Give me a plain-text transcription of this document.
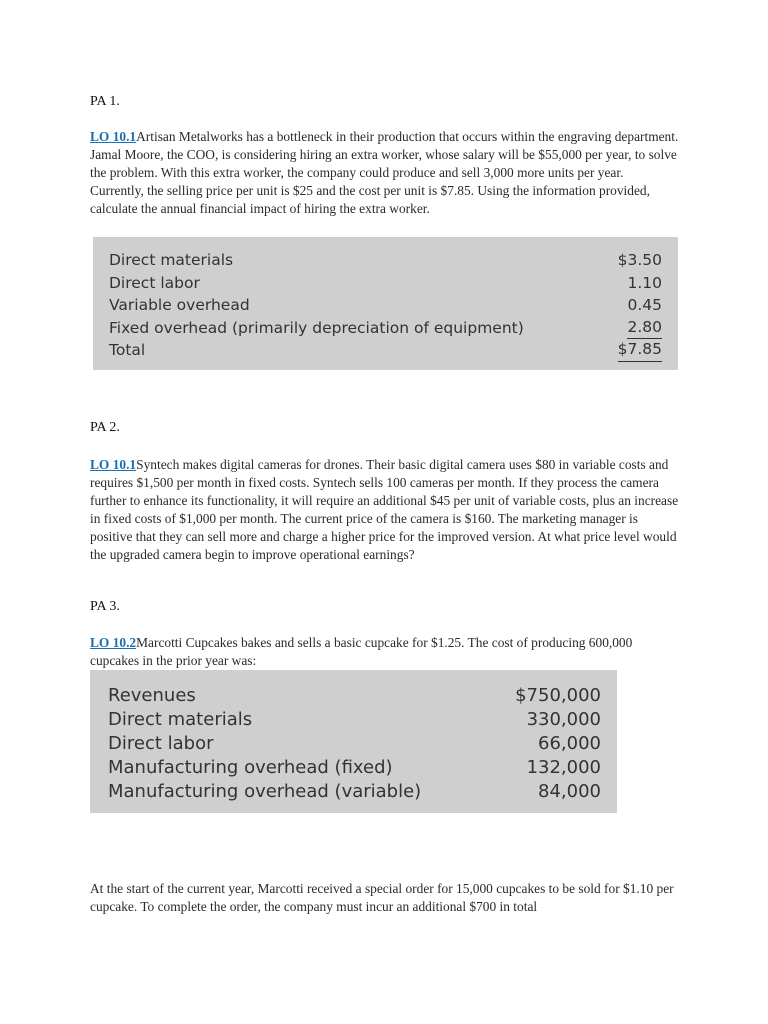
PA 1.

LO 10.1Artisan Metalworks has a bottleneck in their production that occurs within the engraving department. Jamal Moore, the COO, is considering hiring an extra worker, whose salary will be $55,000 per year, to solve the problem. With this extra worker, the company could produce and sell 3,000 more units per year. Currently, the selling price per unit is $25 and the cost per unit is $7.85. Using the information provided, calculate the annual financial impact of hiring the extra worker.

Direct materials	$3.50
Direct labor	1.10
Variable overhead	0.45
Fixed overhead (primarily depreciation of equipment)	2.80
Total	$7.85
PA 2.

LO 10.1Syntech makes digital cameras for drones. Their basic digital camera uses $80 in variable costs and requires $1,500 per month in fixed costs. Syntech sells 100 cameras per month. If they process the camera further to enhance its functionality, it will require an additional $45 per unit of variable costs, plus an increase in fixed costs of $1,000 per month. The current price of the camera is $160. The marketing manager is positive that they can sell more and charge a higher price for the improved version. At what price level would the upgraded camera begin to improve operational earnings?

PA 3.

LO 10.2Marcotti Cupcakes bakes and sells a basic cupcake for $1.25. The cost of producing 600,000 cupcakes in the prior year was:

Revenues	$750,000
Direct materials	330,000
Direct labor	66,000
Manufacturing overhead (fixed)	132,000
Manufacturing overhead (variable)	84,000

At the start of the current year, Marcotti received a special order for 15,000 cupcakes to be sold for $1.10 per cupcake. To complete the order, the company must incur an additional $700 in total
